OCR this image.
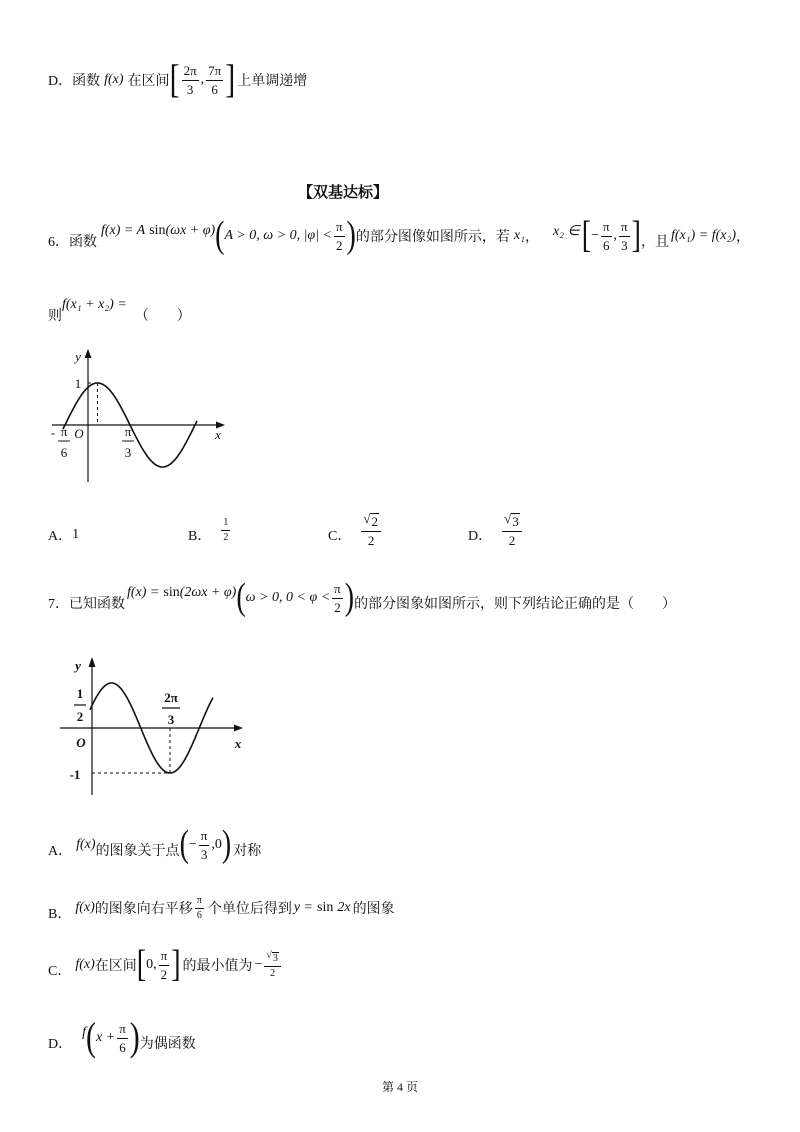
D． 函数 f(x) 在区间 [ $\frac{2\pi}{3}$ , $\frac{7\pi}{6}$ ] 上单调递增
【双基达标】
6． 函数
f(x) = A sin (ωx + φ) ( A > 0, ω > 0, $|\varphi| < \frac{\pi}{2}$ ) 的部分图像如图所示，若 x₁ ， x₂ ∈ [ − $\frac{\pi}{6}$ , $\frac{\pi}{3}$ ] ，且 f(x₁) = f(x₂) ，
则
f(x₁ + x₂) =
（　　）
y
1
O	x
- π
6
π
3
A． 1	B． $\frac{1}{2}$	C． $\frac{√ 2}{2}$	D． $\frac{√ 3}{2}$
7． 已知函数
f(x) = sin (2ωx + φ) ( ω > 0, $0 < \varphi < \frac{\pi}{2}$ ) 的部分图象如图所示，则下列结论正确的是（　　）
y
1
2
O	x
2π
3
-1
A． f(x) 的图象关于点 ( − $\frac{\pi}{3} ,0$ ) 对称
B． f(x) 的图象向右平移 $\frac{\pi}{6}$ 个单位后得到 y = sin 2x 的图象
C． f(x) 在区间 [ 0, $\frac{\pi}{2}$ ] 的最小值为 − $\frac{√ 3}{2}$
D．
f ( $x + \frac{\pi}{6}$ ) 为偶函数
第 4 页
